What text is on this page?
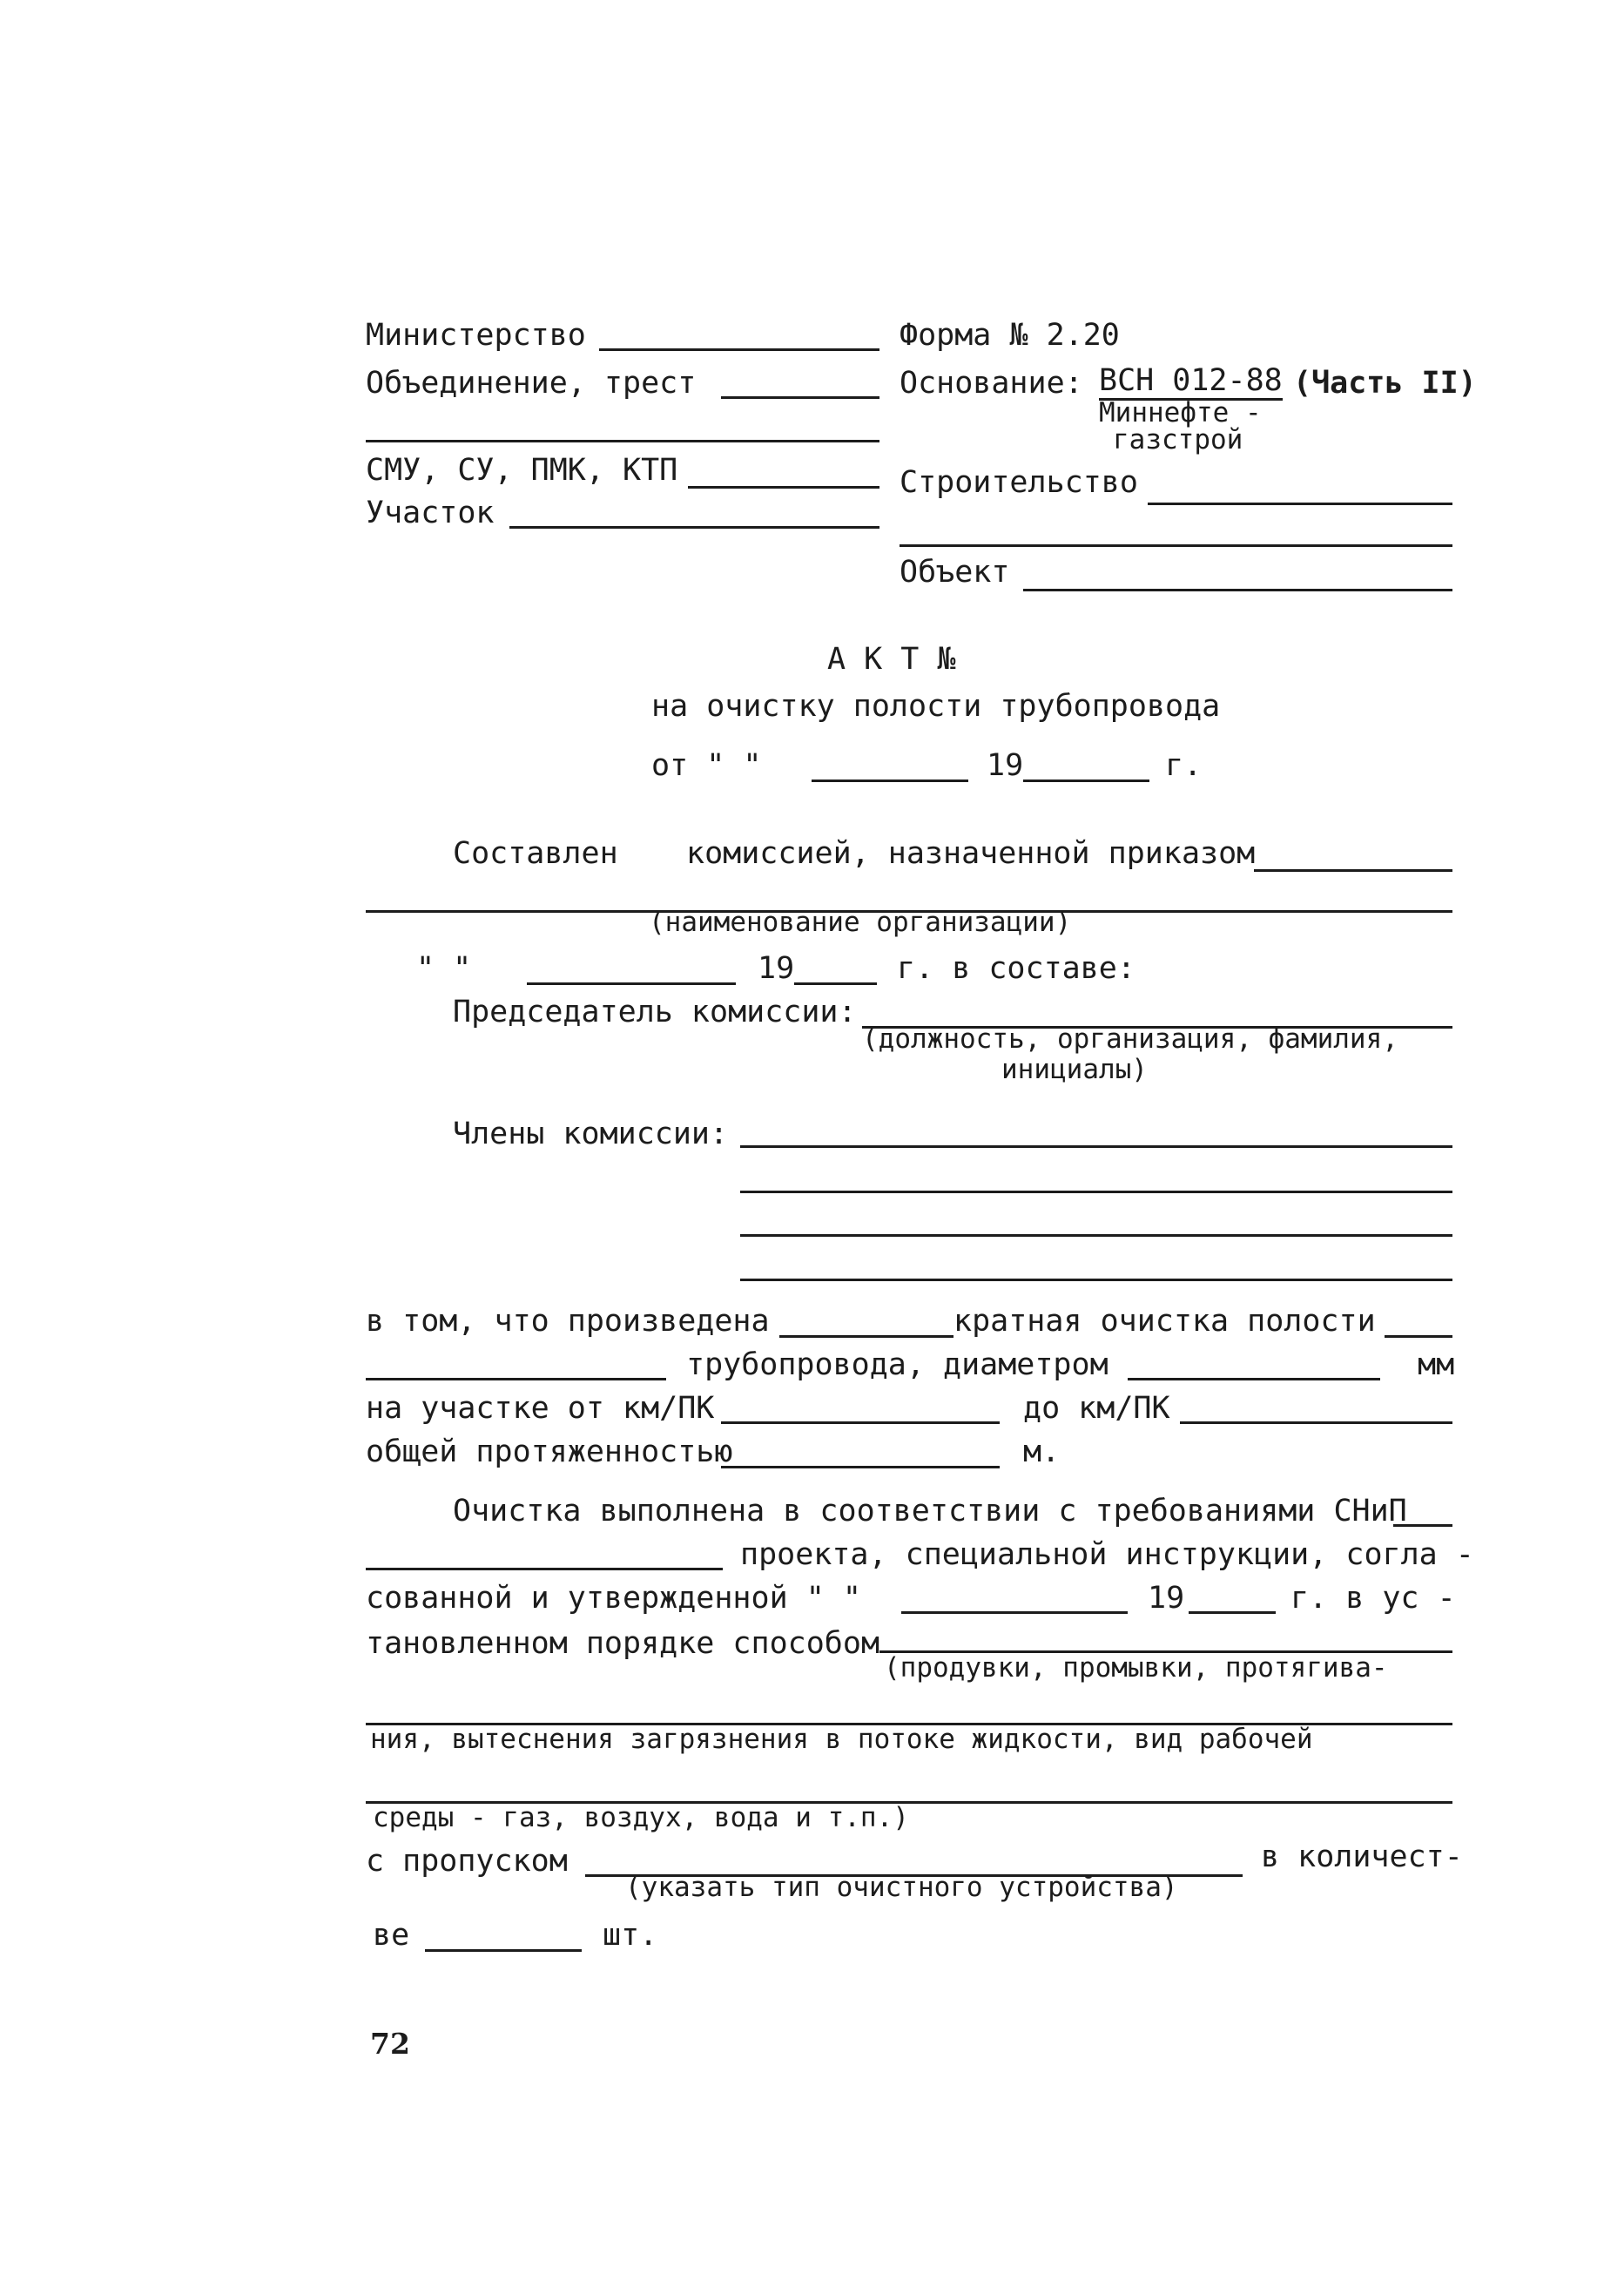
Министерство
Объединение, трест
СМУ, СУ, ПМК, КТП
Участок
Форма № 2.20
Основание: ВСН 012-88 (Часть II)
Миннефте -
газстрой
Строительство
Объект
А К Т №
на очистку полости трубопровода
от " "	19	г.
Составлен комиссией, назначенной приказом
(наименование организации)
" "	19	г. в составе:
Председатель комиссии:
(должность, организация, фамилия,
инициалы)
Члены комиссии:
в том, что произведена	кратная очистка полости
трубопровода, диаметром	мм
на участке от км/ПК	до км/ПК
общей протяженностью	м.
Очистка выполнена в соответствии с требованиями СНиП
проекта, специальной инструкции, согла -
сованной и утвержденной " "	19	г. в ус -
тановленном порядке способом
(продувки, промывки, протягива-
ния, вытеснения загрязнения в потоке жидкости, вид рабочей
среды - газ, воздух, вода и т.п.)
с пропуском	в количест-
(указать тип очистного устройства)
ве	шт.
72
